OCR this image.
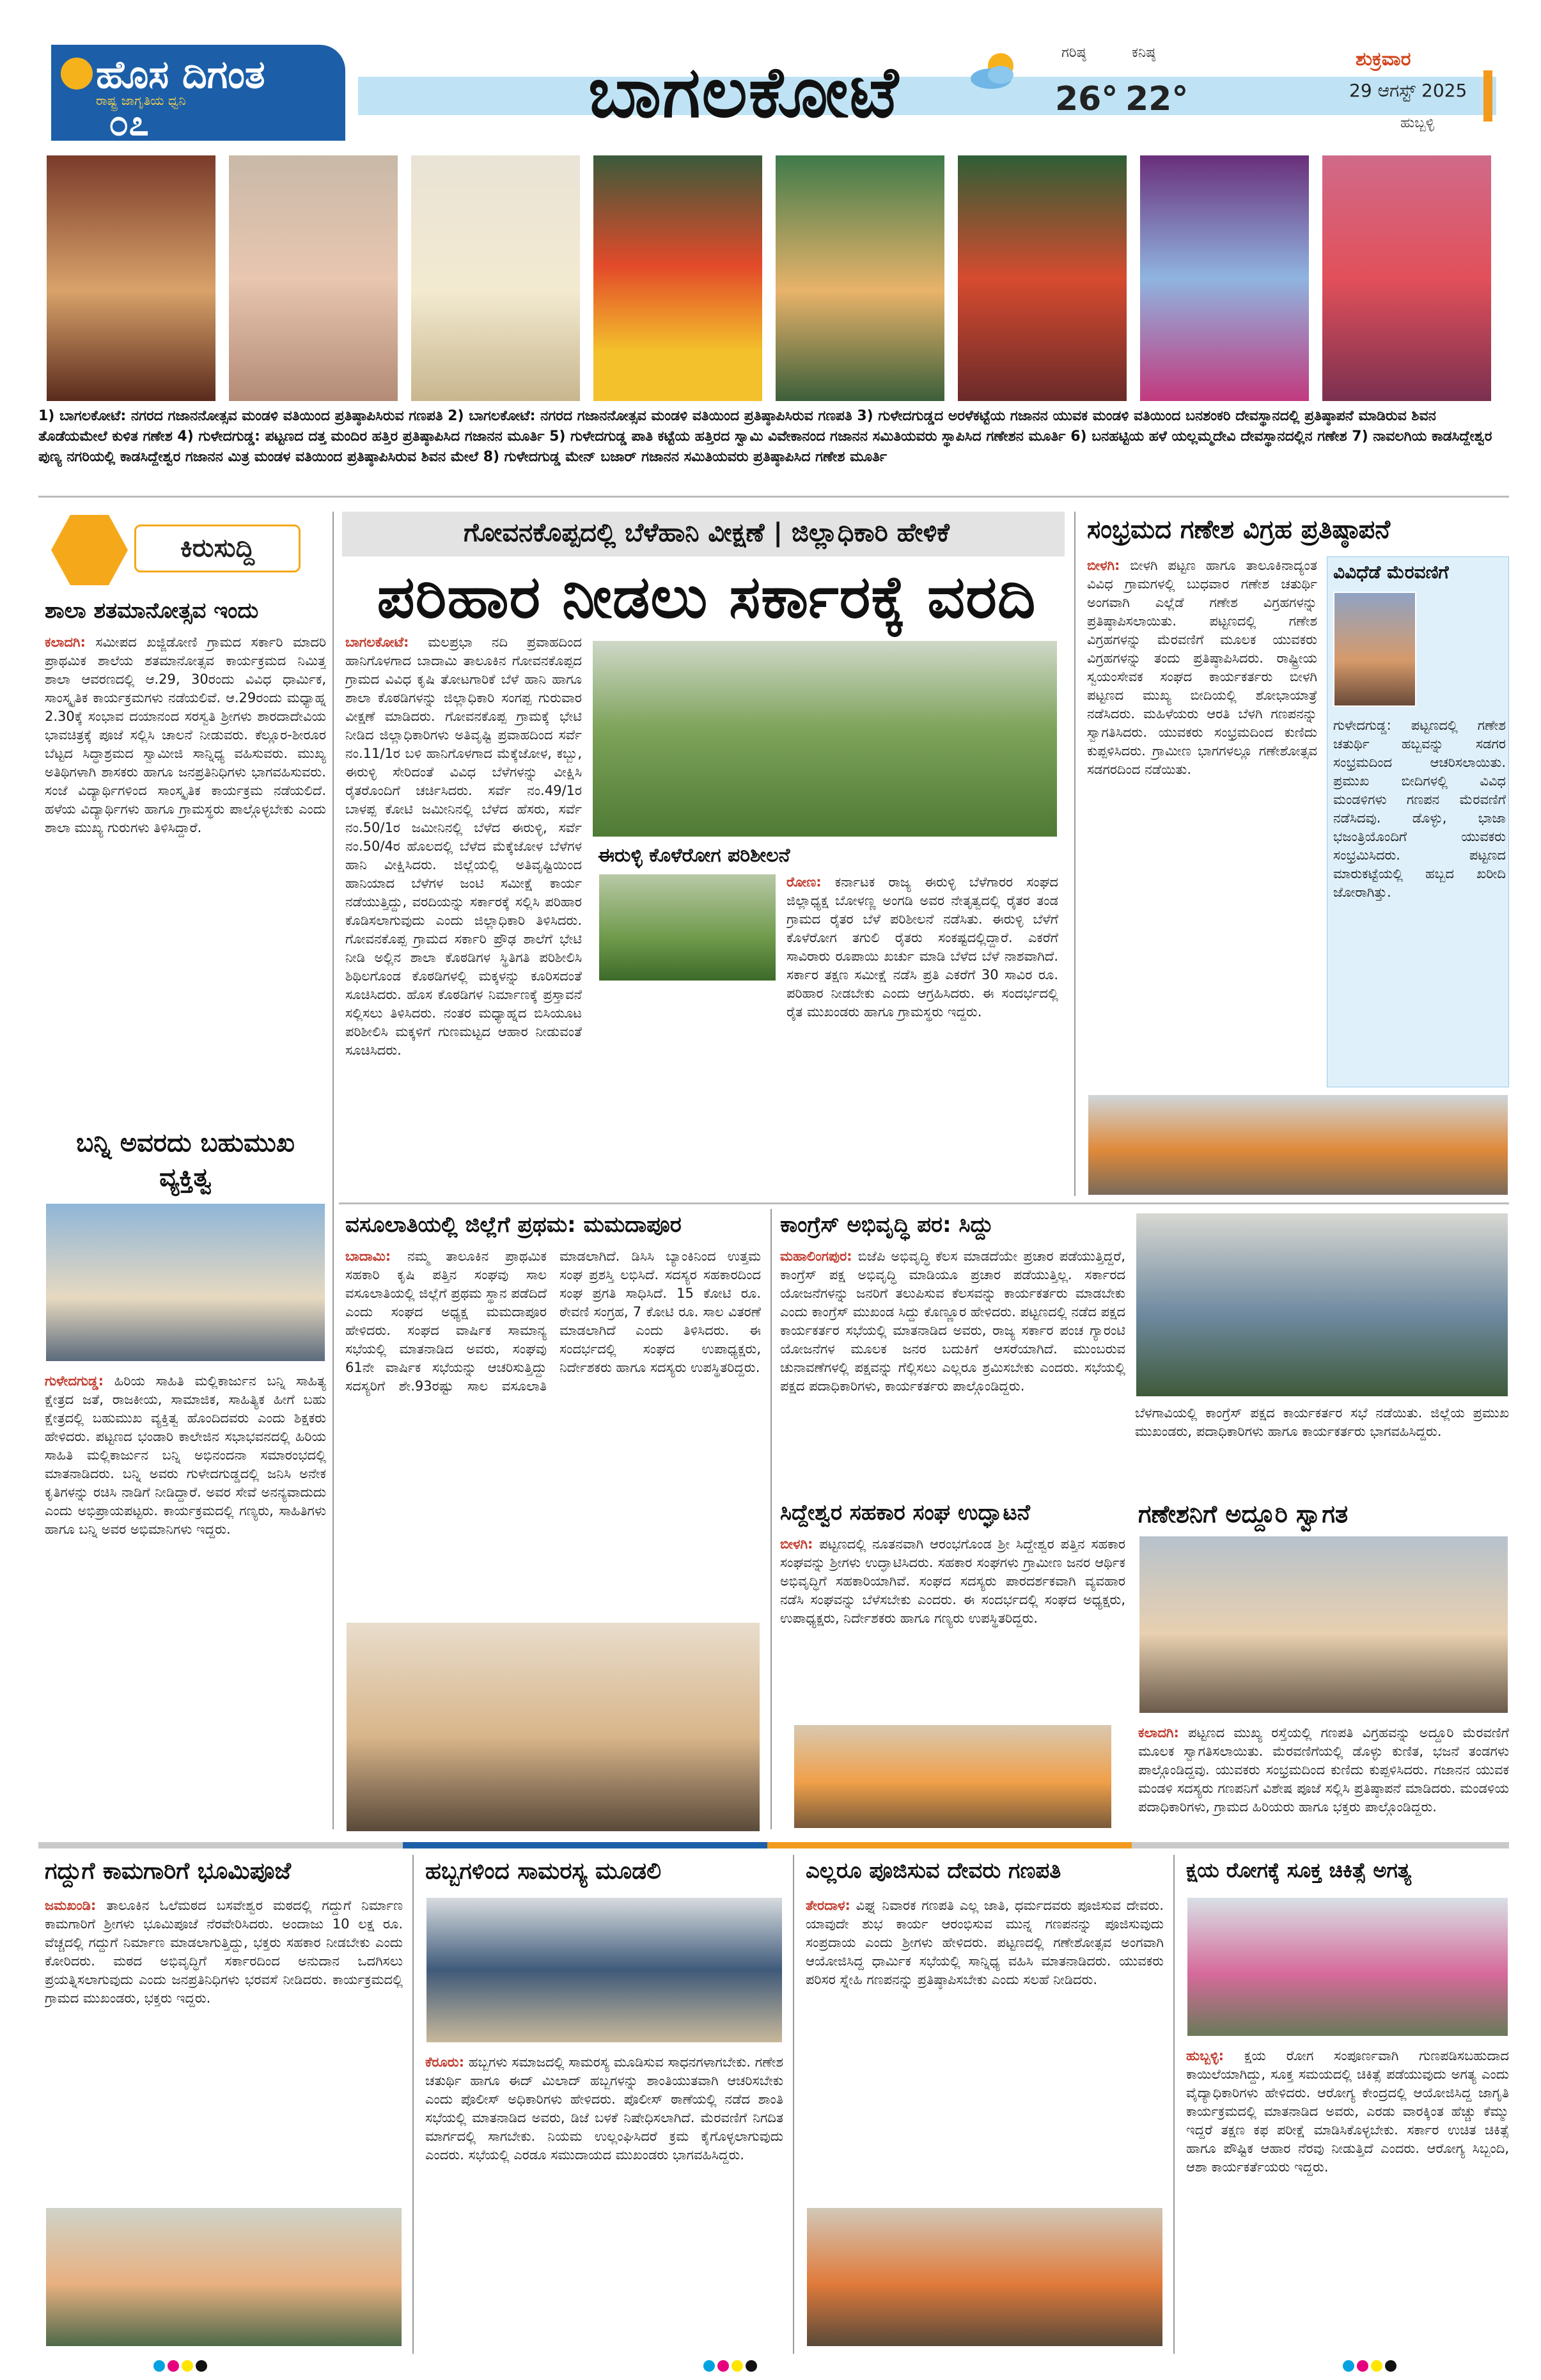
ಹೊಸ ದಿಗಂತ
ರಾಷ್ಟ್ರ ಜಾಗೃತಿಯ ಧ್ವನಿ
೦೭	ಬಾಗಲಕೋಟೆ	ಗರಿಷ್ಠ
26°
ಕನಿಷ್ಠ
22°
ಶುಕ್ರವಾರ
29 ಆಗಸ್ಟ್ 2025
ಹುಬ್ಬಳ್ಳಿ
1) ಬಾಗಲಕೋಟೆ: ನಗರದ ಗಜಾನನೋತ್ಸವ ಮಂಡಳಿ ವತಿಯಿಂದ ಪ್ರತಿಷ್ಠಾಪಿಸಿರುವ ಗಣಪತಿ 2) ಬಾಗಲಕೋಟೆ: ನಗರದ ಗಜಾನನೋತ್ಸವ ಮಂಡಳಿ ವತಿಯಿಂದ ಪ್ರತಿಷ್ಠಾಪಿಸಿರುವ ಗಣಪತಿ 3) ಗುಳೇದಗುಡ್ಡದ ಅರಳೆಕಟ್ಟೆಯ ಗಜಾನನ ಯುವಕ ಮಂಡಳಿ ವತಿಯಿಂದ ಬನಶಂಕರಿ ದೇವಸ್ಥಾನದಲ್ಲಿ ಪ್ರತಿಷ್ಠಾಪನೆ ಮಾಡಿರುವ ಶಿವನ ತೊಡೆಯಮೇಲೆ ಕುಳಿತ ಗಣೇಶ 4) ಗುಳೇದಗುಡ್ಡ: ಪಟ್ಟಣದ ದತ್ತ ಮಂದಿರ ಹತ್ತಿರ ಪ್ರತಿಷ್ಠಾಪಿಸಿದ ಗಜಾನನ ಮೂರ್ತಿ 5) ಗುಳೇದಗುಡ್ಡ ಪಾತಿ ಕಟ್ಟೆಯ ಹತ್ತಿರದ ಸ್ವಾಮಿ ವಿವೇಕಾನಂದ ಗಜಾನನ ಸಮಿತಿಯವರು ಸ್ಥಾಪಿಸಿದ ಗಣೇಶನ ಮೂರ್ತಿ 6) ಬನಹಟ್ಟಿಯ ಹಳೆ ಯಲ್ಲಮ್ಮದೇವಿ ದೇವಸ್ಥಾನದಲ್ಲಿನ ಗಣೇಶ 7) ನಾವಲಗಿಯ ಕಾಡಸಿದ್ದೇಶ್ವರ ಪುಣ್ಯ ನಗರಿಯಲ್ಲಿ ಕಾಡಸಿದ್ದೇಶ್ವರ ಗಜಾನನ ಮಿತ್ರ ಮಂಡಳ ವತಿಯಿಂದ ಪ್ರತಿಷ್ಠಾಪಿಸಿರುವ ಶಿವನ ಮೇಲೆ 8) ಗುಳೇದಗುಡ್ಡ ಮೇನ್ ಬಜಾರ್ ಗಜಾನನ ಸಮಿತಿಯವರು ಪ್ರತಿಷ್ಠಾಪಿಸಿದ ಗಣೇಶ ಮೂರ್ತಿ
ಕಿರುಸುದ್ದಿ
ಶಾಲಾ ಶತಮಾನೋತ್ಸವ ಇಂದು
ಕಲಾದಗಿ: ಸಮೀಪದ ಖಜ್ಜಿಡೋಣಿ ಗ್ರಾಮದ ಸರ್ಕಾರಿ ಮಾದರಿ ಪ್ರಾಥಮಿಕ ಶಾಲೆಯ ಶತಮಾನೋತ್ಸವ ಕಾರ್ಯಕ್ರಮದ ನಿಮಿತ್ತ ಶಾಲಾ ಆವರಣದಲ್ಲಿ ಆ.29, 30ರಂದು ವಿವಿಧ ಧಾರ್ಮಿಕ, ಸಾಂಸ್ಕೃತಿಕ ಕಾರ್ಯಕ್ರಮಗಳು ನಡೆಯಲಿವೆ. ಆ.29ರಂದು ಮಧ್ಯಾಹ್ನ 2.30ಕ್ಕೆ ಸಂಭಾವ ದಯಾನಂದ ಸರಸ್ವತಿ ಶ್ರೀಗಳು ಶಾರದಾದೇವಿಯ ಭಾವಚಿತ್ರಕ್ಕೆ ಪೂಜೆ ಸಲ್ಲಿಸಿ ಚಾಲನೆ ನೀಡುವರು. ಕೆಲ್ಲೂರ-ಶೀರೂರ ಬೆಟ್ಟದ ಸಿದ್ಧಾಶ್ರಮದ ಸ್ವಾಮೀಜಿ ಸಾನ್ನಿಧ್ಯ ವಹಿಸುವರು. ಮುಖ್ಯ ಅತಿಥಿಗಳಾಗಿ ಶಾಸಕರು ಹಾಗೂ ಜನಪ್ರತಿನಿಧಿಗಳು ಭಾಗವಹಿಸುವರು. ಸಂಜೆ ವಿದ್ಯಾರ್ಥಿಗಳಿಂದ ಸಾಂಸ್ಕೃತಿಕ ಕಾರ್ಯಕ್ರಮ ನಡೆಯಲಿದೆ. ಹಳೆಯ ವಿದ್ಯಾರ್ಥಿಗಳು ಹಾಗೂ ಗ್ರಾಮಸ್ಥರು ಪಾಲ್ಗೊಳ್ಳಬೇಕು ಎಂದು ಶಾಲಾ ಮುಖ್ಯ ಗುರುಗಳು ತಿಳಿಸಿದ್ದಾರೆ.
ಬನ್ನಿ ಅವರದು ಬಹುಮುಖ ವ್ಯಕ್ತಿತ್ವ
ಗುಳೇದಗುಡ್ಡ: ಹಿರಿಯ ಸಾಹಿತಿ ಮಲ್ಲಿಕಾರ್ಜುನ ಬನ್ನಿ ಸಾಹಿತ್ಯ ಕ್ಷೇತ್ರದ ಜತೆ, ರಾಜಕೀಯ, ಸಾಮಾಜಿಕ, ಸಾಹಿತ್ಯಿಕ ಹೀಗೆ ಬಹು ಕ್ಷೇತ್ರದಲ್ಲಿ ಬಹುಮುಖ ವ್ಯಕ್ತಿತ್ವ ಹೊಂದಿದವರು ಎಂದು ಶಿಕ್ಷಕರು ಹೇಳಿದರು. ಪಟ್ಟಣದ ಭಂಡಾರಿ ಕಾಲೇಜಿನ ಸಭಾಭವನದಲ್ಲಿ ಹಿರಿಯ ಸಾಹಿತಿ ಮಲ್ಲಿಕಾರ್ಜುನ ಬನ್ನಿ ಅಭಿನಂದನಾ ಸಮಾರಂಭದಲ್ಲಿ ಮಾತನಾಡಿದರು. ಬನ್ನಿ ಅವರು ಗುಳೇದಗುಡ್ಡದಲ್ಲಿ ಜನಿಸಿ ಅನೇಕ ಕೃತಿಗಳನ್ನು ರಚಿಸಿ ನಾಡಿಗೆ ನೀಡಿದ್ದಾರೆ. ಅವರ ಸೇವೆ ಅನನ್ಯವಾದುದು ಎಂದು ಅಭಿಪ್ರಾಯಪಟ್ಟರು. ಕಾರ್ಯಕ್ರಮದಲ್ಲಿ ಗಣ್ಯರು, ಸಾಹಿತಿಗಳು ಹಾಗೂ ಬನ್ನಿ ಅವರ ಅಭಿಮಾನಿಗಳು ಇದ್ದರು.
ಗೋವನಕೊಪ್ಪದಲ್ಲಿ ಬೆಳೆಹಾನಿ ವೀಕ್ಷಣೆ | ಜಿಲ್ಲಾಧಿಕಾರಿ ಹೇಳಿಕೆ
ಪರಿಹಾರ ನೀಡಲು ಸರ್ಕಾರಕ್ಕೆ ವರದಿ
ಬಾಗಲಕೋಟೆ: ಮಲಪ್ರಭಾ ನದಿ ಪ್ರವಾಹದಿಂದ ಹಾನಿಗೊಳಗಾದ ಬಾದಾಮಿ ತಾಲೂಕಿನ ಗೋವನಕೊಪ್ಪದ ಗ್ರಾಮದ ವಿವಿಧ ಕೃಷಿ ತೋಟಗಾರಿಕೆ ಬೆಳೆ ಹಾನಿ ಹಾಗೂ ಶಾಲಾ ಕೊಠಡಿಗಳನ್ನು ಜಿಲ್ಲಾಧಿಕಾರಿ ಸಂಗಪ್ಪ ಗುರುವಾರ ವೀಕ್ಷಣೆ ಮಾಡಿದರು. ಗೋವನಕೊಪ್ಪ ಗ್ರಾಮಕ್ಕೆ ಭೇಟಿ ನೀಡಿದ ಜಿಲ್ಲಾಧಿಕಾರಿಗಳು ಅತಿವೃಷ್ಟಿ ಪ್ರವಾಹದಿಂದ ಸರ್ವೆ ನಂ.11/1ರ ಬಳಿ ಹಾನಿಗೊಳಗಾದ ಮೆಕ್ಕೆಜೋಳ, ಕಬ್ಬು, ಈರುಳ್ಳಿ ಸೇರಿದಂತೆ ವಿವಿಧ ಬೆಳೆಗಳನ್ನು ವೀಕ್ಷಿಸಿ ರೈತರೊಂದಿಗೆ ಚರ್ಚಿಸಿದರು. ಸರ್ವೆ ನಂ.49/1ರ ಬಾಳಪ್ಪ ಕೋಟಿ ಜಮೀನಿನಲ್ಲಿ ಬೆಳೆದ ಹೆಸರು, ಸರ್ವೆ ನಂ.50/1ರ ಜಮೀನಿನಲ್ಲಿ ಬೆಳೆದ ಈರುಳ್ಳಿ, ಸರ್ವೆ ನಂ.50/4ರ ಹೊಲದಲ್ಲಿ ಬೆಳೆದ ಮೆಕ್ಕೆಜೋಳ ಬೆಳೆಗಳ ಹಾನಿ ವೀಕ್ಷಿಸಿದರು. ಜಿಲ್ಲೆಯಲ್ಲಿ ಅತಿವೃಷ್ಟಿಯಿಂದ ಹಾನಿಯಾದ ಬೆಳೆಗಳ ಜಂಟಿ ಸಮೀಕ್ಷೆ ಕಾರ್ಯ ನಡೆಯುತ್ತಿದ್ದು, ವರದಿಯನ್ನು ಸರ್ಕಾರಕ್ಕೆ ಸಲ್ಲಿಸಿ ಪರಿಹಾರ ಕೊಡಿಸಲಾಗುವುದು ಎಂದು ಜಿಲ್ಲಾಧಿಕಾರಿ ತಿಳಿಸಿದರು. ಗೋವನಕೊಪ್ಪ ಗ್ರಾಮದ ಸರ್ಕಾರಿ ಪ್ರೌಢ ಶಾಲೆಗೆ ಭೇಟಿ ನೀಡಿ ಅಲ್ಲಿನ ಶಾಲಾ ಕೊಠಡಿಗಳ ಸ್ಥಿತಿಗತಿ ಪರಿಶೀಲಿಸಿ ಶಿಥಿಲಗೊಂಡ ಕೊಠಡಿಗಳಲ್ಲಿ ಮಕ್ಕಳನ್ನು ಕೂರಿಸದಂತೆ ಸೂಚಿಸಿದರು. ಹೊಸ ಕೊಠಡಿಗಳ ನಿರ್ಮಾಣಕ್ಕೆ ಪ್ರಸ್ತಾವನೆ ಸಲ್ಲಿಸಲು ತಿಳಿಸಿದರು. ನಂತರ ಮಧ್ಯಾಹ್ನದ ಬಿಸಿಯೂಟ ಪರಿಶೀಲಿಸಿ ಮಕ್ಕಳಿಗೆ ಗುಣಮಟ್ಟದ ಆಹಾರ ನೀಡುವಂತೆ ಸೂಚಿಸಿದರು.
ಈರುಳ್ಳಿ ಕೊಳೆರೋಗ ಪರಿಶೀಲನೆ
ರೋಣ: ಕರ್ನಾಟಕ ರಾಜ್ಯ ಈರುಳ್ಳಿ ಬೆಳೆಗಾರರ ಸಂಘದ ಜಿಲ್ಲಾಧ್ಯಕ್ಷ ಬೋಳಣ್ಣ ಅಂಗಡಿ ಅವರ ನೇತೃತ್ವದಲ್ಲಿ ರೈತರ ತಂಡ ಗ್ರಾಮದ ರೈತರ ಬೆಳೆ ಪರಿಶೀಲನೆ ನಡೆಸಿತು. ಈರುಳ್ಳಿ ಬೆಳೆಗೆ ಕೊಳೆರೋಗ ತಗುಲಿ ರೈತರು ಸಂಕಷ್ಟದಲ್ಲಿದ್ದಾರೆ. ಎಕರೆಗೆ ಸಾವಿರಾರು ರೂಪಾಯಿ ಖರ್ಚು ಮಾಡಿ ಬೆಳೆದ ಬೆಳೆ ನಾಶವಾಗಿದೆ. ಸರ್ಕಾರ ತಕ್ಷಣ ಸಮೀಕ್ಷೆ ನಡೆಸಿ ಪ್ರತಿ ಎಕರೆಗೆ 30 ಸಾವಿರ ರೂ. ಪರಿಹಾರ ನೀಡಬೇಕು ಎಂದು ಆಗ್ರಹಿಸಿದರು. ಈ ಸಂದರ್ಭದಲ್ಲಿ ರೈತ ಮುಖಂಡರು ಹಾಗೂ ಗ್ರಾಮಸ್ಥರು ಇದ್ದರು.
ಸಂಭ್ರಮದ ಗಣೇಶ ವಿಗ್ರಹ ಪ್ರತಿಷ್ಠಾಪನೆ
ಬೀಳಗಿ: ಬೀಳಗಿ ಪಟ್ಟಣ ಹಾಗೂ ತಾಲೂಕಿನಾದ್ಯಂತ ವಿವಿಧ ಗ್ರಾಮಗಳಲ್ಲಿ ಬುಧವಾರ ಗಣೇಶ ಚತುರ್ಥಿ ಅಂಗವಾಗಿ ಎಲ್ಲೆಡೆ ಗಣೇಶ ವಿಗ್ರಹಗಳನ್ನು ಪ್ರತಿಷ್ಠಾಪಿಸಲಾಯಿತು. ಪಟ್ಟಣದಲ್ಲಿ ಗಣೇಶ ವಿಗ್ರಹಗಳನ್ನು ಮೆರವಣಿಗೆ ಮೂಲಕ ಯುವಕರು ವಿಗ್ರಹಗಳನ್ನು ತಂದು ಪ್ರತಿಷ್ಠಾಪಿಸಿದರು. ರಾಷ್ಟ್ರೀಯ ಸ್ವಯಂಸೇವಕ ಸಂಘದ ಕಾರ್ಯಕರ್ತರು ಬೀಳಗಿ ಪಟ್ಟಣದ ಮುಖ್ಯ ಬೀದಿಯಲ್ಲಿ ಶೋಭಾಯಾತ್ರೆ ನಡೆಸಿದರು. ಮಹಿಳೆಯರು ಆರತಿ ಬೆಳಗಿ ಗಣಪನನ್ನು ಸ್ವಾಗತಿಸಿದರು. ಯುವಕರು ಸಂಭ್ರಮದಿಂದ ಕುಣಿದು ಕುಪ್ಪಳಿಸಿದರು. ಗ್ರಾಮೀಣ ಭಾಗಗಳಲ್ಲೂ ಗಣೇಶೋತ್ಸವ ಸಡಗರದಿಂದ ನಡೆಯಿತು.
ವಿವಿಧೆಡೆ ಮೆರವಣಿಗೆ
ಗುಳೇದಗುಡ್ಡ: ಪಟ್ಟಣದಲ್ಲಿ ಗಣೇಶ ಚತುರ್ಥಿ ಹಬ್ಬವನ್ನು ಸಡಗರ ಸಂಭ್ರಮದಿಂದ ಆಚರಿಸಲಾಯಿತು. ಪ್ರಮುಖ ಬೀದಿಗಳಲ್ಲಿ ವಿವಿಧ ಮಂಡಳಿಗಳು ಗಣಪನ ಮೆರವಣಿಗೆ ನಡೆಸಿದವು. ಡೊಳ್ಳು, ಭಾಜಾ ಭಜಂತ್ರಿಯೊಂದಿಗೆ ಯುವಕರು ಸಂಭ್ರಮಿಸಿದರು. ಪಟ್ಟಣದ ಮಾರುಕಟ್ಟೆಯಲ್ಲಿ ಹಬ್ಬದ ಖರೀದಿ ಜೋರಾಗಿತ್ತು.
ವಸೂಲಾತಿಯಲ್ಲಿ ಜಿಲ್ಲೆಗೆ ಪ್ರಥಮ: ಮಮದಾಪೂರ
ಬಾದಾಮಿ: ನಮ್ಮ ತಾಲೂಕಿನ ಪ್ರಾಥಮಿಕ ಸಹಕಾರಿ ಕೃಷಿ ಪತ್ತಿನ ಸಂಘವು ಸಾಲ ವಸೂಲಾತಿಯಲ್ಲಿ ಜಿಲ್ಲೆಗೆ ಪ್ರಥಮ ಸ್ಥಾನ ಪಡೆದಿದೆ ಎಂದು ಸಂಘದ ಅಧ್ಯಕ್ಷ ಮಮದಾಪೂರ ಹೇಳಿದರು. ಸಂಘದ ವಾರ್ಷಿಕ ಸಾಮಾನ್ಯ ಸಭೆಯಲ್ಲಿ ಮಾತನಾಡಿದ ಅವರು, ಸಂಘವು 61ನೇ ವಾರ್ಷಿಕ ಸಭೆಯನ್ನು ಆಚರಿಸುತ್ತಿದ್ದು ಸದಸ್ಯರಿಗೆ ಶೇ.93ರಷ್ಟು ಸಾಲ ವಸೂಲಾತಿ ಮಾಡಲಾಗಿದೆ. ಡಿಸಿಸಿ ಬ್ಯಾಂಕಿನಿಂದ ಉತ್ತಮ ಸಂಘ ಪ್ರಶಸ್ತಿ ಲಭಿಸಿದೆ. ಸದಸ್ಯರ ಸಹಕಾರದಿಂದ ಸಂಘ ಪ್ರಗತಿ ಸಾಧಿಸಿದೆ. 15 ಕೋಟಿ ರೂ. ಠೇವಣಿ ಸಂಗ್ರಹ, 7 ಕೋಟಿ ರೂ. ಸಾಲ ವಿತರಣೆ ಮಾಡಲಾಗಿದೆ ಎಂದು ತಿಳಿಸಿದರು. ಈ ಸಂದರ್ಭದಲ್ಲಿ ಸಂಘದ ಉಪಾಧ್ಯಕ್ಷರು, ನಿರ್ದೇಶಕರು ಹಾಗೂ ಸದಸ್ಯರು ಉಪಸ್ಥಿತರಿದ್ದರು.
ಕಾಂಗ್ರೆಸ್ ಅಭಿವೃದ್ಧಿ ಪರ: ಸಿದ್ದು
ಮಹಾಲಿಂಗಪುರ: ಬಿಜೆಪಿ ಅಭಿವೃದ್ಧಿ ಕೆಲಸ ಮಾಡದೆಯೇ ಪ್ರಚಾರ ಪಡೆಯುತ್ತಿದ್ದರೆ, ಕಾಂಗ್ರೆಸ್ ಪಕ್ಷ ಅಭಿವೃದ್ಧಿ ಮಾಡಿಯೂ ಪ್ರಚಾರ ಪಡೆಯುತ್ತಿಲ್ಲ. ಸರ್ಕಾರದ ಯೋಜನೆಗಳನ್ನು ಜನರಿಗೆ ತಲುಪಿಸುವ ಕೆಲಸವನ್ನು ಕಾರ್ಯಕರ್ತರು ಮಾಡಬೇಕು ಎಂದು ಕಾಂಗ್ರೆಸ್ ಮುಖಂಡ ಸಿದ್ದು ಕೊಣ್ಣೂರ ಹೇಳಿದರು. ಪಟ್ಟಣದಲ್ಲಿ ನಡೆದ ಪಕ್ಷದ ಕಾರ್ಯಕರ್ತರ ಸಭೆಯಲ್ಲಿ ಮಾತನಾಡಿದ ಅವರು, ರಾಜ್ಯ ಸರ್ಕಾರ ಪಂಚ ಗ್ಯಾರಂಟಿ ಯೋಜನೆಗಳ ಮೂಲಕ ಜನರ ಬದುಕಿಗೆ ಆಸರೆಯಾಗಿದೆ. ಮುಂಬರುವ ಚುನಾವಣೆಗಳಲ್ಲಿ ಪಕ್ಷವನ್ನು ಗೆಲ್ಲಿಸಲು ಎಲ್ಲರೂ ಶ್ರಮಿಸಬೇಕು ಎಂದರು. ಸಭೆಯಲ್ಲಿ ಪಕ್ಷದ ಪದಾಧಿಕಾರಿಗಳು, ಕಾರ್ಯಕರ್ತರು ಪಾಲ್ಗೊಂಡಿದ್ದರು.
ಬೆಳಗಾವಿಯಲ್ಲಿ ಕಾಂಗ್ರೆಸ್ ಪಕ್ಷದ ಕಾರ್ಯಕರ್ತರ ಸಭೆ ನಡೆಯಿತು. ಜಿಲ್ಲೆಯ ಪ್ರಮುಖ ಮುಖಂಡರು, ಪದಾಧಿಕಾರಿಗಳು ಹಾಗೂ ಕಾರ್ಯಕರ್ತರು ಭಾಗವಹಿಸಿದ್ದರು.
ಸಿದ್ದೇಶ್ವರ ಸಹಕಾರ ಸಂಘ ಉದ್ಘಾಟನೆ
ಬೀಳಗಿ: ಪಟ್ಟಣದಲ್ಲಿ ನೂತನವಾಗಿ ಆರಂಭಗೊಂಡ ಶ್ರೀ ಸಿದ್ದೇಶ್ವರ ಪತ್ತಿನ ಸಹಕಾರ ಸಂಘವನ್ನು ಶ್ರೀಗಳು ಉದ್ಘಾಟಿಸಿದರು. ಸಹಕಾರ ಸಂಘಗಳು ಗ್ರಾಮೀಣ ಜನರ ಆರ್ಥಿಕ ಅಭಿವೃದ್ಧಿಗೆ ಸಹಕಾರಿಯಾಗಿವೆ. ಸಂಘದ ಸದಸ್ಯರು ಪಾರದರ್ಶಕವಾಗಿ ವ್ಯವಹಾರ ನಡೆಸಿ ಸಂಘವನ್ನು ಬೆಳೆಸಬೇಕು ಎಂದರು. ಈ ಸಂದರ್ಭದಲ್ಲಿ ಸಂಘದ ಅಧ್ಯಕ್ಷರು, ಉಪಾಧ್ಯಕ್ಷರು, ನಿರ್ದೇಶಕರು ಹಾಗೂ ಗಣ್ಯರು ಉಪಸ್ಥಿತರಿದ್ದರು.
ಗಣೇಶನಿಗೆ ಅದ್ದೂರಿ ಸ್ವಾಗತ
ಕಲಾದಗಿ: ಪಟ್ಟಣದ ಮುಖ್ಯ ರಸ್ತೆಯಲ್ಲಿ ಗಣಪತಿ ವಿಗ್ರಹವನ್ನು ಅದ್ದೂರಿ ಮೆರವಣಿಗೆ ಮೂಲಕ ಸ್ವಾಗತಿಸಲಾಯಿತು. ಮೆರವಣಿಗೆಯಲ್ಲಿ ಡೊಳ್ಳು ಕುಣಿತ, ಭಜನೆ ತಂಡಗಳು ಪಾಲ್ಗೊಂಡಿದ್ದವು. ಯುವಕರು ಸಂಭ್ರಮದಿಂದ ಕುಣಿದು ಕುಪ್ಪಳಿಸಿದರು. ಗಜಾನನ ಯುವಕ ಮಂಡಳಿ ಸದಸ್ಯರು ಗಣಪನಿಗೆ ವಿಶೇಷ ಪೂಜೆ ಸಲ್ಲಿಸಿ ಪ್ರತಿಷ್ಠಾಪನೆ ಮಾಡಿದರು. ಮಂಡಳಿಯ ಪದಾಧಿಕಾರಿಗಳು, ಗ್ರಾಮದ ಹಿರಿಯರು ಹಾಗೂ ಭಕ್ತರು ಪಾಲ್ಗೊಂಡಿದ್ದರು.
ಗದ್ದುಗೆ ಕಾಮಗಾರಿಗೆ ಭೂಮಿಪೂಜೆ
ಜಮಖಂಡಿ: ತಾಲೂಕಿನ ಓಲೆಮಠದ ಬಸವೇಶ್ವರ ಮಠದಲ್ಲಿ ಗದ್ದುಗೆ ನಿರ್ಮಾಣ ಕಾಮಗಾರಿಗೆ ಶ್ರೀಗಳು ಭೂಮಿಪೂಜೆ ನೆರವೇರಿಸಿದರು. ಅಂದಾಜು 10 ಲಕ್ಷ ರೂ. ವೆಚ್ಚದಲ್ಲಿ ಗದ್ದುಗೆ ನಿರ್ಮಾಣ ಮಾಡಲಾಗುತ್ತಿದ್ದು, ಭಕ್ತರು ಸಹಕಾರ ನೀಡಬೇಕು ಎಂದು ಕೋರಿದರು. ಮಠದ ಅಭಿವೃದ್ಧಿಗೆ ಸರ್ಕಾರದಿಂದ ಅನುದಾನ ಒದಗಿಸಲು ಪ್ರಯತ್ನಿಸಲಾಗುವುದು ಎಂದು ಜನಪ್ರತಿನಿಧಿಗಳು ಭರವಸೆ ನೀಡಿದರು. ಕಾರ್ಯಕ್ರಮದಲ್ಲಿ ಗ್ರಾಮದ ಮುಖಂಡರು, ಭಕ್ತರು ಇದ್ದರು.
ಹಬ್ಬಗಳಿಂದ ಸಾಮರಸ್ಯ ಮೂಡಲಿ
ಕೆರೂರು: ಹಬ್ಬಗಳು ಸಮಾಜದಲ್ಲಿ ಸಾಮರಸ್ಯ ಮೂಡಿಸುವ ಸಾಧನಗಳಾಗಬೇಕು. ಗಣೇಶ ಚತುರ್ಥಿ ಹಾಗೂ ಈದ್ ಮಿಲಾದ್ ಹಬ್ಬಗಳನ್ನು ಶಾಂತಿಯುತವಾಗಿ ಆಚರಿಸಬೇಕು ಎಂದು ಪೊಲೀಸ್ ಅಧಿಕಾರಿಗಳು ಹೇಳಿದರು. ಪೊಲೀಸ್ ಠಾಣೆಯಲ್ಲಿ ನಡೆದ ಶಾಂತಿ ಸಭೆಯಲ್ಲಿ ಮಾತನಾಡಿದ ಅವರು, ಡಿಜೆ ಬಳಕೆ ನಿಷೇಧಿಸಲಾಗಿದೆ. ಮೆರವಣಿಗೆ ನಿಗದಿತ ಮಾರ್ಗದಲ್ಲಿ ಸಾಗಬೇಕು. ನಿಯಮ ಉಲ್ಲಂಘಿಸಿದರೆ ಕ್ರಮ ಕೈಗೊಳ್ಳಲಾಗುವುದು ಎಂದರು. ಸಭೆಯಲ್ಲಿ ಎರಡೂ ಸಮುದಾಯದ ಮುಖಂಡರು ಭಾಗವಹಿಸಿದ್ದರು.
ಎಲ್ಲರೂ ಪೂಜಿಸುವ ದೇವರು ಗಣಪತಿ
ತೇರದಾಳ: ವಿಘ್ನ ನಿವಾರಕ ಗಣಪತಿ ಎಲ್ಲ ಜಾತಿ, ಧರ್ಮದವರು ಪೂಜಿಸುವ ದೇವರು. ಯಾವುದೇ ಶುಭ ಕಾರ್ಯ ಆರಂಭಿಸುವ ಮುನ್ನ ಗಣಪನನ್ನು ಪೂಜಿಸುವುದು ಸಂಪ್ರದಾಯ ಎಂದು ಶ್ರೀಗಳು ಹೇಳಿದರು. ಪಟ್ಟಣದಲ್ಲಿ ಗಣೇಶೋತ್ಸವ ಅಂಗವಾಗಿ ಆಯೋಜಿಸಿದ್ದ ಧಾರ್ಮಿಕ ಸಭೆಯಲ್ಲಿ ಸಾನ್ನಿಧ್ಯ ವಹಿಸಿ ಮಾತನಾಡಿದರು. ಯುವಕರು ಪರಿಸರ ಸ್ನೇಹಿ ಗಣಪನನ್ನು ಪ್ರತಿಷ್ಠಾಪಿಸಬೇಕು ಎಂದು ಸಲಹೆ ನೀಡಿದರು.
ಕ್ಷಯ ರೋಗಕ್ಕೆ ಸೂಕ್ತ ಚಿಕಿತ್ಸೆ ಅಗತ್ಯ
ಹುಬ್ಬಳ್ಳಿ: ಕ್ಷಯ ರೋಗ ಸಂಪೂರ್ಣವಾಗಿ ಗುಣಪಡಿಸಬಹುದಾದ ಕಾಯಿಲೆಯಾಗಿದ್ದು, ಸೂಕ್ತ ಸಮಯದಲ್ಲಿ ಚಿಕಿತ್ಸೆ ಪಡೆಯುವುದು ಅಗತ್ಯ ಎಂದು ವೈದ್ಯಾಧಿಕಾರಿಗಳು ಹೇಳಿದರು. ಆರೋಗ್ಯ ಕೇಂದ್ರದಲ್ಲಿ ಆಯೋಜಿಸಿದ್ದ ಜಾಗೃತಿ ಕಾರ್ಯಕ್ರಮದಲ್ಲಿ ಮಾತನಾಡಿದ ಅವರು, ಎರಡು ವಾರಕ್ಕಿಂತ ಹೆಚ್ಚು ಕೆಮ್ಮು ಇದ್ದರೆ ತಕ್ಷಣ ಕಫ ಪರೀಕ್ಷೆ ಮಾಡಿಸಿಕೊಳ್ಳಬೇಕು. ಸರ್ಕಾರ ಉಚಿತ ಚಿಕಿತ್ಸೆ ಹಾಗೂ ಪೌಷ್ಟಿಕ ಆಹಾರ ನೆರವು ನೀಡುತ್ತಿದೆ ಎಂದರು. ಆರೋಗ್ಯ ಸಿಬ್ಬಂದಿ, ಆಶಾ ಕಾರ್ಯಕರ್ತೆಯರು ಇದ್ದರು.
